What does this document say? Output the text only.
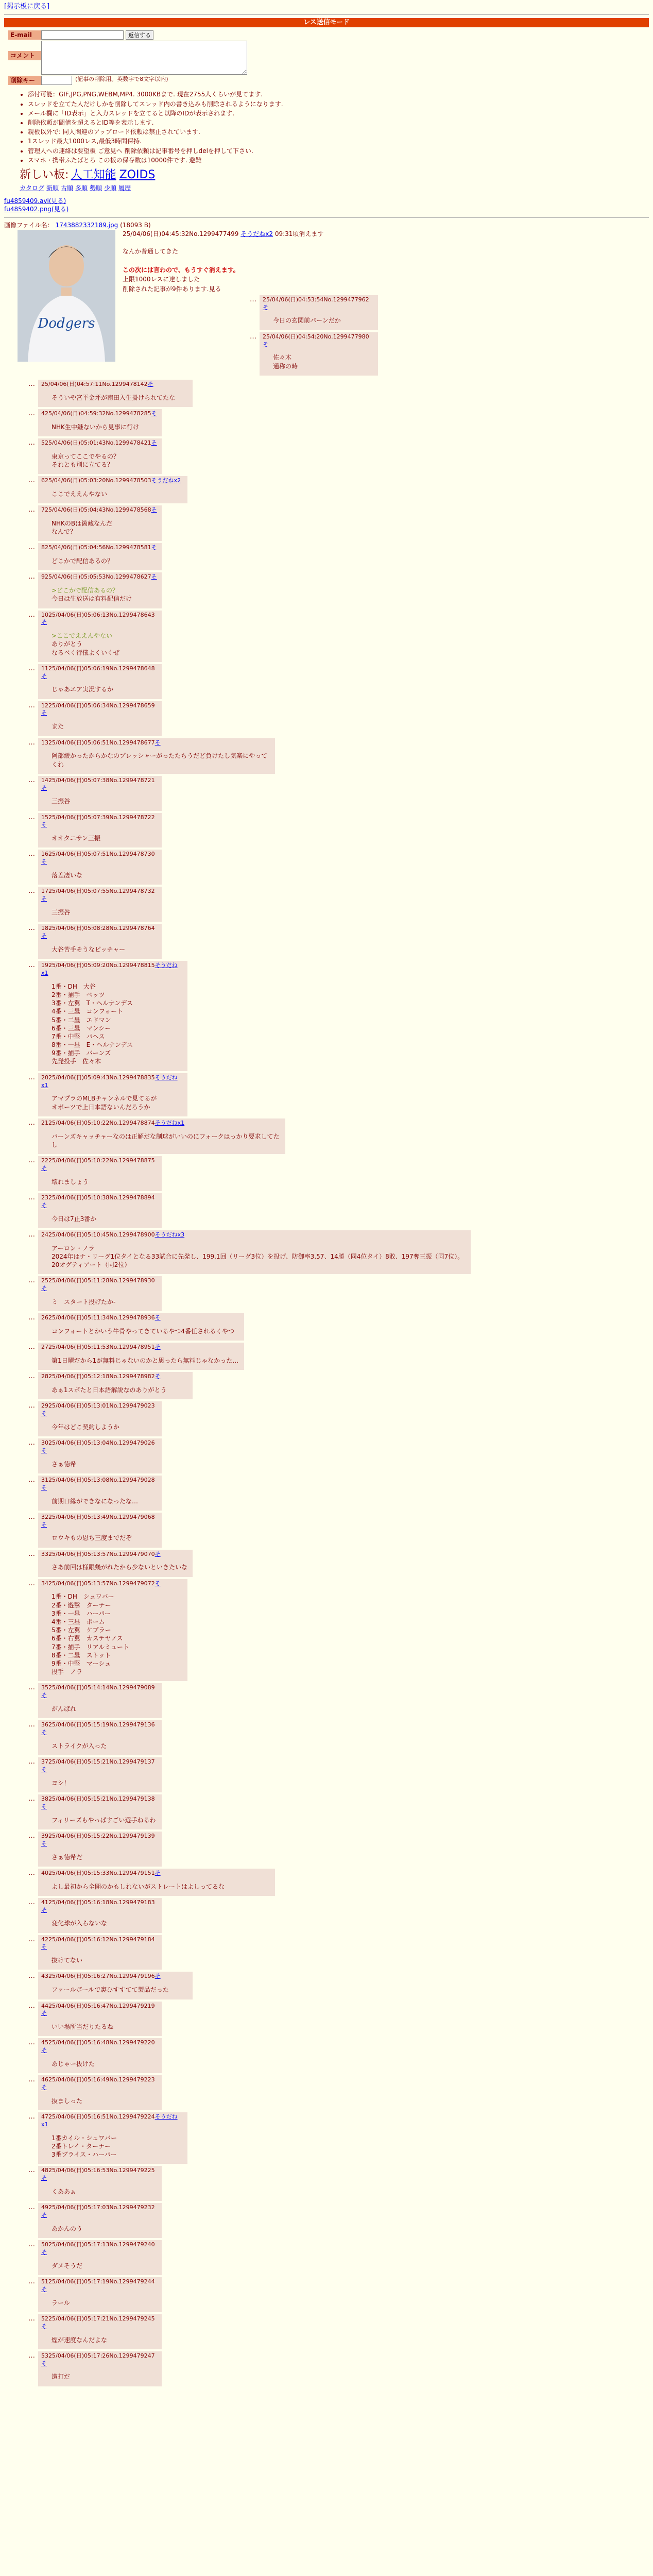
[掲示板に戻る]
レス送信モード
E-mail	返信する
コメント
削除キー	(記事の削除用。英数字で8文字以内)
• 添付可能：GIF,JPG,PNG,WEBM,MP4. 3000KBまで. 現在2755人くらいが見てます.
• スレッドを立てた人だけしかを削除してスレッド内の書き込みも削除されるようになります.
• メール欄に「ID表示」と入力スレッドを立てると以降のIDが表示されます.
• 削除依頼が閾値を超えるとID等を表示します.
• 親板以外で: 同人関連のアップロード依頼は禁止されています.
• 1スレッド最大1000レス,最低3時間保持.
• 管理人への連絡は要望板 ご意見へ 削除依頼は記事番号を押しdelを押して下さい.
• スマホ・携帯ふたばとろ この板の保存数は10000件です. 避難
新しい板: 人工知能 ZOIDS
カタログ 新順 古順 多順 勢順 少順 履歴
fu4859409.avi(見る)
fu4859402.png(見る)
画像ファイル名： 1743882332189.jpg (18093 B)
Dodgers
25/04/06(日)04:45:32No.1299477499 そうだねx2 09:31頃消えます

なんか普通してきた

この次には言わので、もうすぐ消えます。

上限1000レスに達しました

削除された記事が9件あります.見る

…	25/04/06(日)04:53:54No.1299477962そ
今日の玄関前パーンだか
…	25/04/06(日)04:54:20No.1299477980そ
佐々木
通称の時
…	25/04/06(日)04:57:11No.1299478142そ
そういや宮平金坪が南田入生掛けられてたな
…	425/04/06(日)04:59:32No.1299478285そ
NHK生中継ないから見事に行け
…	525/04/06(日)05:01:43No.1299478421そ
東京ってここでやるの？
それとも別に立てる？
…	625/04/06(日)05:03:20No.1299478503そうだねx2
ここでええんやない
…	725/04/06(日)05:04:43No.1299478568そ
NHKのBは箇藏なんだ
なんで？
…	825/04/06(日)05:04:56No.1299478581そ
どこかで配信あるの？
…	925/04/06(日)05:05:53No.1299478627そ
>どこかで配信あるの？
今日は生放送は有料配信だけ
…	1025/04/06(日)05:06:13No.1299478643そ
>ここでええんやない
ありがとう
なるべく行儀よくいくぜ
…	1125/04/06(日)05:06:19No.1299478648そ
じゃあエア実況するか
…	1225/04/06(日)05:06:34No.1299478659そ
また
…	1325/04/06(日)05:06:51No.1299478677そ
阿部緩かったからかなのプレッシャーがったたちうだど負けたし気楽にやってくれ
…	1425/04/06(日)05:07:38No.1299478721そ
三振谷
…	1525/04/06(日)05:07:39No.1299478722そ
オオタニサン三振
…	1625/04/06(日)05:07:51No.1299478730そ
落差凄いな
…	1725/04/06(日)05:07:55No.1299478732そ
三振谷
…	1825/04/06(日)05:08:28No.1299478764そ
大谷苦手そうなピッチャー
…	1925/04/06(日)05:09:20No.1299478815そうだねx1
1番・DH　大谷
2番・捕手　ベッツ
3番・左翼　T・ヘルナンデス
4番・三塁　コンフォート
5番・二塁　エドマン
6番・三塁　マンシー
7番・中堅　パヘス
8番・一塁　E・ヘルナンデス
9番・捕手　バーンズ
先発投手　佐々木
…	2025/04/06(日)05:09:43No.1299478835そうだねx1
アマプラのMLBチャンネルで見てるが
オポーツで上日本語ないんだろうか
…	2125/04/06(日)05:10:22No.1299478874そうだねx1
バーンズキャッチャーなのは正解だな制球がいいのにフォークはっかり要求してたし
…	2225/04/06(日)05:10:22No.1299478875そ
壊れましょう
…	2325/04/06(日)05:10:38No.1299478894そ
今日は7止3番か
…	2425/04/06(日)05:10:45No.1299478900そうだねx3
アーロン・ノラ
2024年はナ・リーグ1位タイとなる33試合に先発し、199.1回（リーグ3位）を投げ、防御率3.57、14勝（同4位タイ）8敗、197奪三振（同7位）。20オグティアート（同2位）
…	2525/04/06(日)05:11:28No.1299478930そ
ミ　スタート投げたか-
…	2625/04/06(日)05:11:34No.1299478936そ
コンフォートとかいう牛骨やってきているやつ4番任されるくやつ
…	2725/04/06(日)05:11:53No.1299478951そ
第1日曜だから1が無料じゃないのかと思ったら無料じゃなかった…
…	2825/04/06(日)05:12:18No.1299478982そ
あぁ1スポたと日本語解説なのありがとう
…	2925/04/06(日)05:13:01No.1299479023そ
今年はどこ契約しようか
…	3025/04/06(日)05:13:04No.1299479026そ
さぁ徳希
…	3125/04/06(日)05:13:08No.1299479028そ
前期口縁ができなになったな…
…	3225/04/06(日)05:13:49No.1299479068そ
ロウキもの恩ち三度までだぞ
…	3325/04/06(日)05:13:57No.1299479070そ
さあ前回は様眼幾がれたから少ないといきたいな
…	3425/04/06(日)05:13:57No.1299479072そ
1番・DH　シュワバー
2番・遊撃　ターナー
3番・一塁　ハーパー
4番・三塁　ボーム
5番・左翼　ケプラー
6番・右翼　カステヤノス
7番・捕手　リアルミュート
8番・二塁　ストット
9番・中堅　マーシュ
投手　ノラ
…	3525/04/06(日)05:14:14No.1299479089そ
がんばれ
…	3625/04/06(日)05:15:19No.1299479136そ
ストライクが入った
…	3725/04/06(日)05:15:21No.1299479137そ
ヨシ！
…	3825/04/06(日)05:15:21No.1299479138そ
フィリーズもやっぱすごい選手ねるわ
…	3925/04/06(日)05:15:22No.1299479139そ
さぁ徳希だ
…	4025/04/06(日)05:15:33No.1299479151そ
よし最初から全開のかもしれないがストレートはよしってるな
…	4125/04/06(日)05:16:18No.1299479183そ
変化球が入らないな
…	4225/04/06(日)05:16:12No.1299479184そ
抜けてない
…	4325/04/06(日)05:16:27No.1299479196そ
ファールボールで裏ひすすてて製品だった
…	4425/04/06(日)05:16:47No.1299479219そ
いい場所当だりたるね
…	4525/04/06(日)05:16:48No.1299479220そ
あじゃー抜けた
…	4625/04/06(日)05:16:49No.1299479223そ
抜ましった
…	4725/04/06(日)05:16:51No.1299479224そうだねx1
1番カイル・シュワバー
2番トレイ・ターナー
3番ブライス・ハーパー
…	4825/04/06(日)05:16:53No.1299479225そ
くああぁ
…	4925/04/06(日)05:17:03No.1299479232そ
あかんのう
…	5025/04/06(日)05:17:13No.1299479240そ
ダメそうだ
…	5125/04/06(日)05:17:19No.1299479244そ
ラール
…	5225/04/06(日)05:17:21No.1299479245そ
煙が速度なんだよな
…	5325/04/06(日)05:17:26No.1299479247そ
遭打だ
